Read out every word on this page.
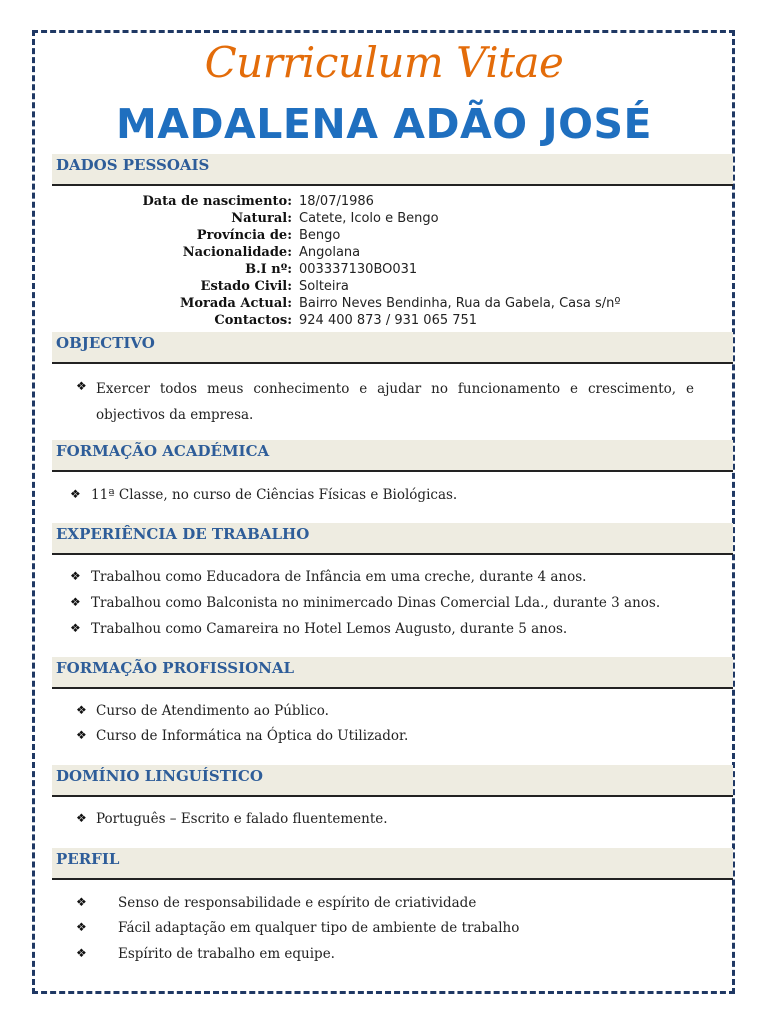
Curriculum Vitae
MADALENA ADÃO JOSÉ
DADOS PESSOAIS
Data de nascimento: 18/07/1986
Natural: Catete, Icolo e Bengo
Província de: Bengo
Nacionalidade: Angolana
B.I nº: 003337130BO031
Estado Civil: Solteira
Morada Actual: Bairro Neves Bendinha, Rua da Gabela, Casa s/nº
Contactos: 924 400 873 / 931 065 751
OBJECTIVO
❖ Exercer todos meus conhecimento e ajudar no funcionamento e crescimento, e objectivos da empresa.
FORMAÇÃO ACADÉMICA
❖ 11ª Classe, no curso de Ciências Físicas e Biológicas.
EXPERIÊNCIA DE TRABALHO
❖ Trabalhou como Educadora de Infância em uma creche, durante 4 anos.
❖ Trabalhou como Balconista no minimercado Dinas Comercial Lda., durante 3 anos.
❖ Trabalhou como Camareira no Hotel Lemos Augusto, durante 5 anos.
FORMAÇÃO PROFISSIONAL
❖ Curso de Atendimento ao Público.
❖ Curso de Informática na Óptica do Utilizador.
DOMÍNIO LINGUÍSTICO
❖ Português – Escrito e falado fluentemente.
PERFIL
❖ Senso de responsabilidade e espírito de criatividade
❖ Fácil adaptação em qualquer tipo de ambiente de trabalho
❖ Espírito de trabalho em equipe.
